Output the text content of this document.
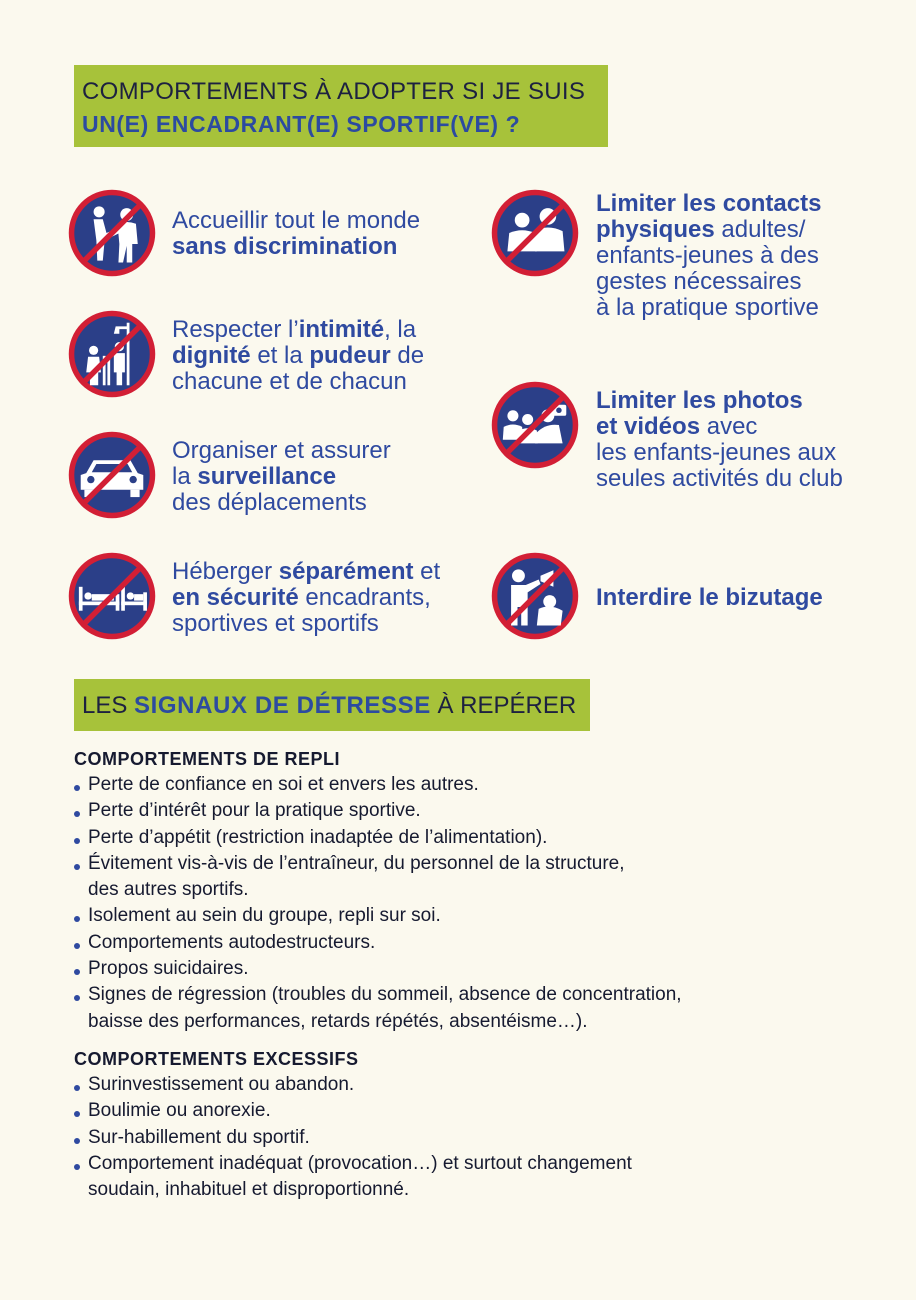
COMPORTEMENTS À ADOPTER SI JE SUIS
UN(E) ENCADRANT(E) SPORTIF(VE) ?
Accueillir tout le monde
sans discrimination
Respecter l’intimité, la
dignité et la pudeur de
chacune et de chacun
Organiser et assurer
la surveillance
des déplacements
Héberger séparément et
en sécurité encadrants,
sportives et sportifs
Limiter les contacts
physiques adultes/
enfants-jeunes à des
gestes nécessaires
à la pratique sportive
Limiter les photos
et vidéos avec
les enfants-jeunes aux
seules activités du club
Interdire le bizutage
LES SIGNAUX DE DÉTRESSE À REPÉRER
COMPORTEMENTS DE REPLI
Perte de confiance en soi et envers les autres.
Perte d’intérêt pour la pratique sportive.
Perte d’appétit (restriction inadaptée de l’alimentation).
Évitement vis-à-vis de l’entraîneur, du personnel de la structure,
des autres sportifs.
Isolement au sein du groupe, repli sur soi.
Comportements autodestructeurs.
Propos suicidaires.
Signes de régression (troubles du sommeil, absence de concentration,
baisse des performances, retards répétés, absentéisme…).
COMPORTEMENTS EXCESSIFS
Surinvestissement ou abandon.
Boulimie ou anorexie.
Sur-habillement du sportif.
Comportement inadéquat (provocation…) et surtout changement
soudain, inhabituel et disproportionné.
